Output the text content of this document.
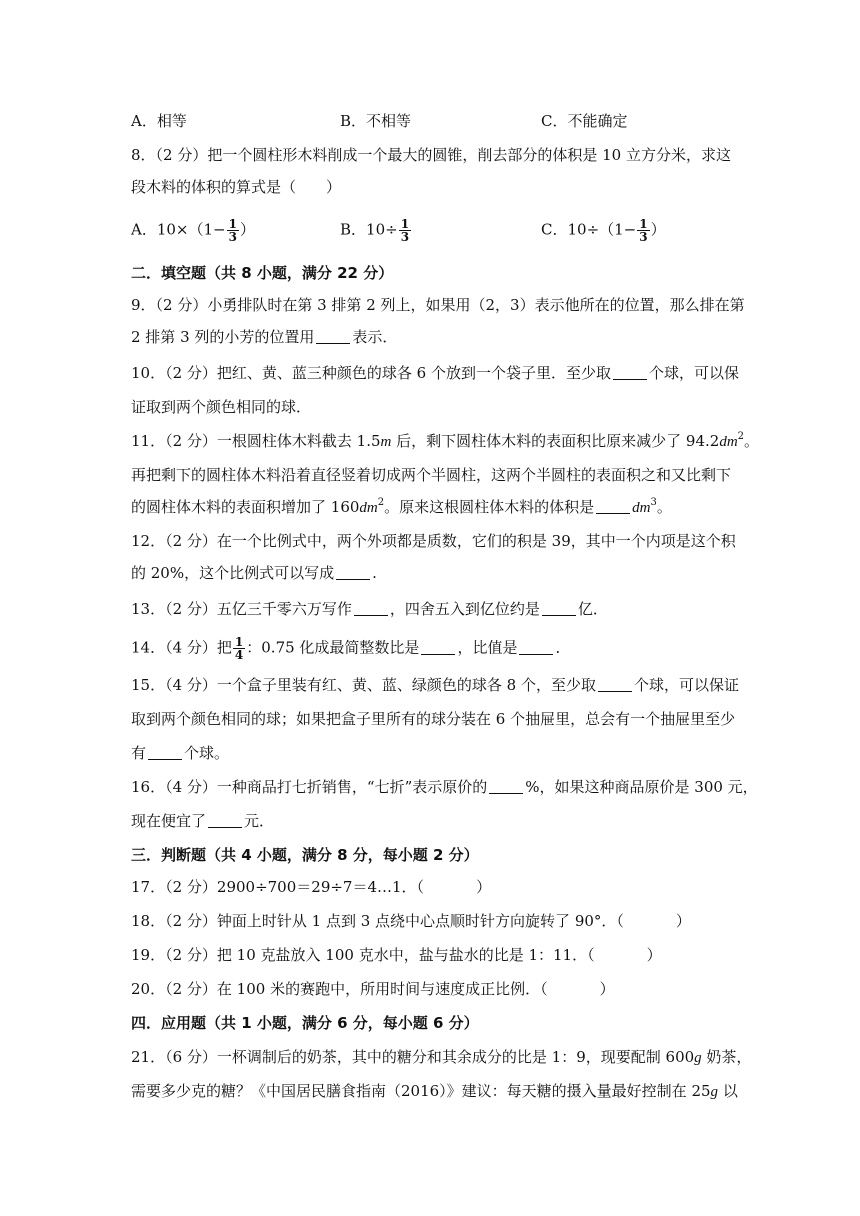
A．相等	B．不相等	C．不能确定
8．（2 分）把一个圆柱形木料削成一个最大的圆锥，削去部分的体积是 10 立方分米，求这
段木料的体积的算式是（　　）
A．$10\times(1- \frac{1}{3}$ ）	B．$10\div \frac{1}{3}$	C．$10\div(1- \frac{1}{3}$ ）
二．填空题（共 8 小题，满分 22 分）
9．（2 分）小勇排队时在第 3 排第 2 列上，如果用（2，3）表示他所在的位置，那么排在第
2 排第 3 列的小芳的位置用	表示．
10．（2 分）把红、黄、蓝三种颜色的球各 6 个放到一个袋子里．至少取	个球，可以保
证取到两个颜色相同的球．
11．（2 分）一根圆柱体木料截去 1.5m 后，剩下圆柱体木料的表面积比原来减少了 $94.2dm^2$。
再把剩下的圆柱体木料沿着直径竖着切成两个半圆柱，这两个半圆柱的表面积之和又比剩下
的圆柱体木料的表面积增加了 $160dm^2$。原来这根圆柱体木料的体积是	$dm^3$。
12．（2 分）在一个比例式中，两个外项都是质数，它们的积是 39，其中一个内项是这个积
的 20%，这个比例式可以写成	.
13．（2 分）五亿三千零六万写作	，四舍五入到亿位约是	亿．
14．（4 分）把 $\frac{1}{4}$ ：0.75 化成最简整数比是	，比值是	．
15．（4 分）一个盒子里装有红、黄、蓝、绿颜色的球各 8 个，至少取	个球，可以保证
取到两个颜色相同的球；如果把盒子里所有的球分装在 6 个抽屉里，总会有一个抽屉里至少
有	个球。
16．（4 分）一种商品打七折销售，“七折”表示原价的	%，如果这种商品原价是 300 元，
现在便宜了	元．
三．判断题（共 4 小题，满分 8 分，每小题 2 分）
17．（2 分）2900÷700＝29÷7＝4…1．（	）
18．（2 分）钟面上时针从 1 点到 3 点绕中心点顺时针方向旋转了 90°．（	）
19．（2 分）把 10 克盐放入 100 克水中，盐与盐水的比是 1：11．（	）
20．（2 分）在 100 米的赛跑中，所用时间与速度成正比例．（	）
四．应用题（共 1 小题，满分 6 分，每小题 6 分）
21．（6 分）一杯调制后的奶茶，其中的糖分和其余成分的比是 1：9，现要配制 600g 奶茶，
需要多少克的糖？《中国居民膳食指南（2016）》建议：每天糖的摄入量最好控制在 25g 以
